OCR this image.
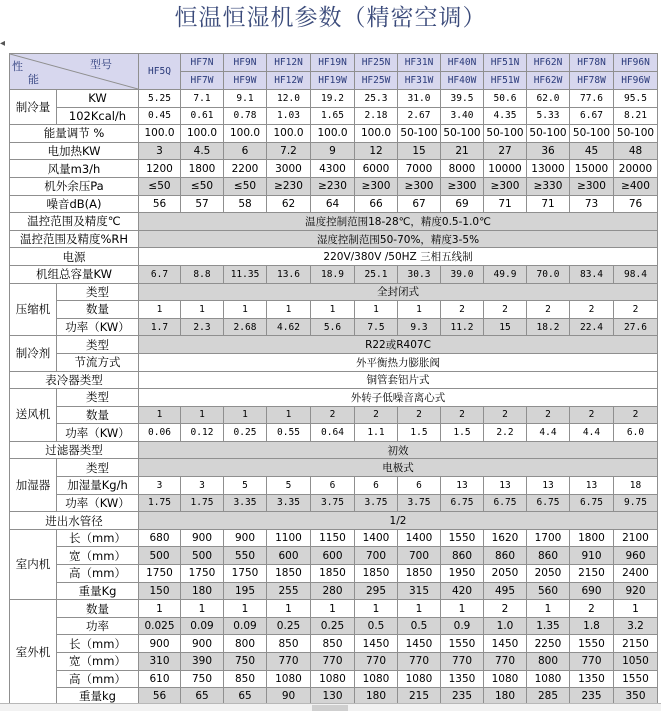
恒温恒湿机参数（精密空调）
◂
型号
性
能		HF5Q	HF7N	HF9N	HF12N	HF19N	HF25N	HF31N	HF40N	HF51N	HF62N	HF78N	HF96N
			HF7W	HF9W	HF12W	HF19W	HF25W	HF31W	HF40W	HF51W	HF62W	HF78W	HF96W
制冷量	KW	5.25	7.1	9.1	12.0	19.2	25.3	31.0	39.5	50.6	62.0	77.6	95.5
	102Kcal/h	0.45	0.61	0.78	1.03	1.65	2.18	2.67	3.40	4.35	5.33	6.67	8.21
能量调节 %		100.0	100.0	100.0	100.0	100.0	100.0	50-100	50-100	50-100	50-100	50-100	50-100
电加热KW		3	4.5	6	7.2	9	12	15	21	27	36	45	48
风量m3/h		1200	1800	2200	3000	4300	6000	7000	8000	10000	13000	15000	20000
机外余压Pa		≤50	≤50	≤50	≥230	≥230	≥300	≥300	≥300	≥300	≥330	≥300	≥400
噪音dB(A)		56	57	58	62	64	66	67	69	71	71	73	76
温控范围及精度℃		温度控制范围18-28℃，精度0.5-1.0℃											
温控范围及精度%RH		湿度控制范围50-70%，精度3-5%											
电源		220V/380V /50HZ 三相五线制											
机组总容量KW		6.7	8.8	11.35	13.6	18.9	25.1	30.3	39.0	49.9	70.0	83.4	98.4
压缩机	类型	全封闭式											
	数量	1	1	1	1	1	1	1	2	2	2	2	2
	功率（KW）	1.7	2.3	2.68	4.62	5.6	7.5	9.3	11.2	15	18.2	22.4	27.6
制冷剂	类型	R22或R407C											
	节流方式	外平衡热力膨胀阀											
表冷器类型		铜管套铝片式											
送风机	类型	外转子低噪音离心式											
	数量	1	1	1	1	2	2	2	2	2	2	2	2
	功率（KW）	0.06	0.12	0.25	0.55	0.64	1.1	1.5	1.5	2.2	4.4	4.4	6.0
过滤器类型		初效											
加湿器	类型	电极式											
	加湿量Kg/h	3	3	5	5	6	6	6	13	13	13	13	18
	功率（KW）	1.75	1.75	3.35	3.35	3.75	3.75	3.75	6.75	6.75	6.75	6.75	9.75
进出水管径		1/2											
室内机	长（mm）	680	900	900	1100	1150	1400	1400	1550	1620	1700	1800	2100
	宽（mm）	500	500	550	600	600	700	700	860	860	860	910	960
	高（mm）	1750	1750	1750	1850	1850	1850	1850	1950	2050	2050	2150	2400
	重量Kg	150	180	195	255	280	295	315	420	495	560	690	920
室外机	数量	1	1	1	1	1	1	1	1	2	1	2	1
	功率	0.025	0.09	0.09	0.25	0.25	0.5	0.5	0.9	1.0	1.35	1.8	3.2
	长（mm）	900	900	800	850	850	1450	1450	1550	1450	2250	1550	2150
	宽（mm）	310	390	750	770	770	770	770	770	770	800	770	1050
	高（mm）	610	750	850	1080	1080	1080	1080	1350	1080	1080	1350	1550
	重量kg	56	65	65	90	130	180	215	235	180	285	235	350
